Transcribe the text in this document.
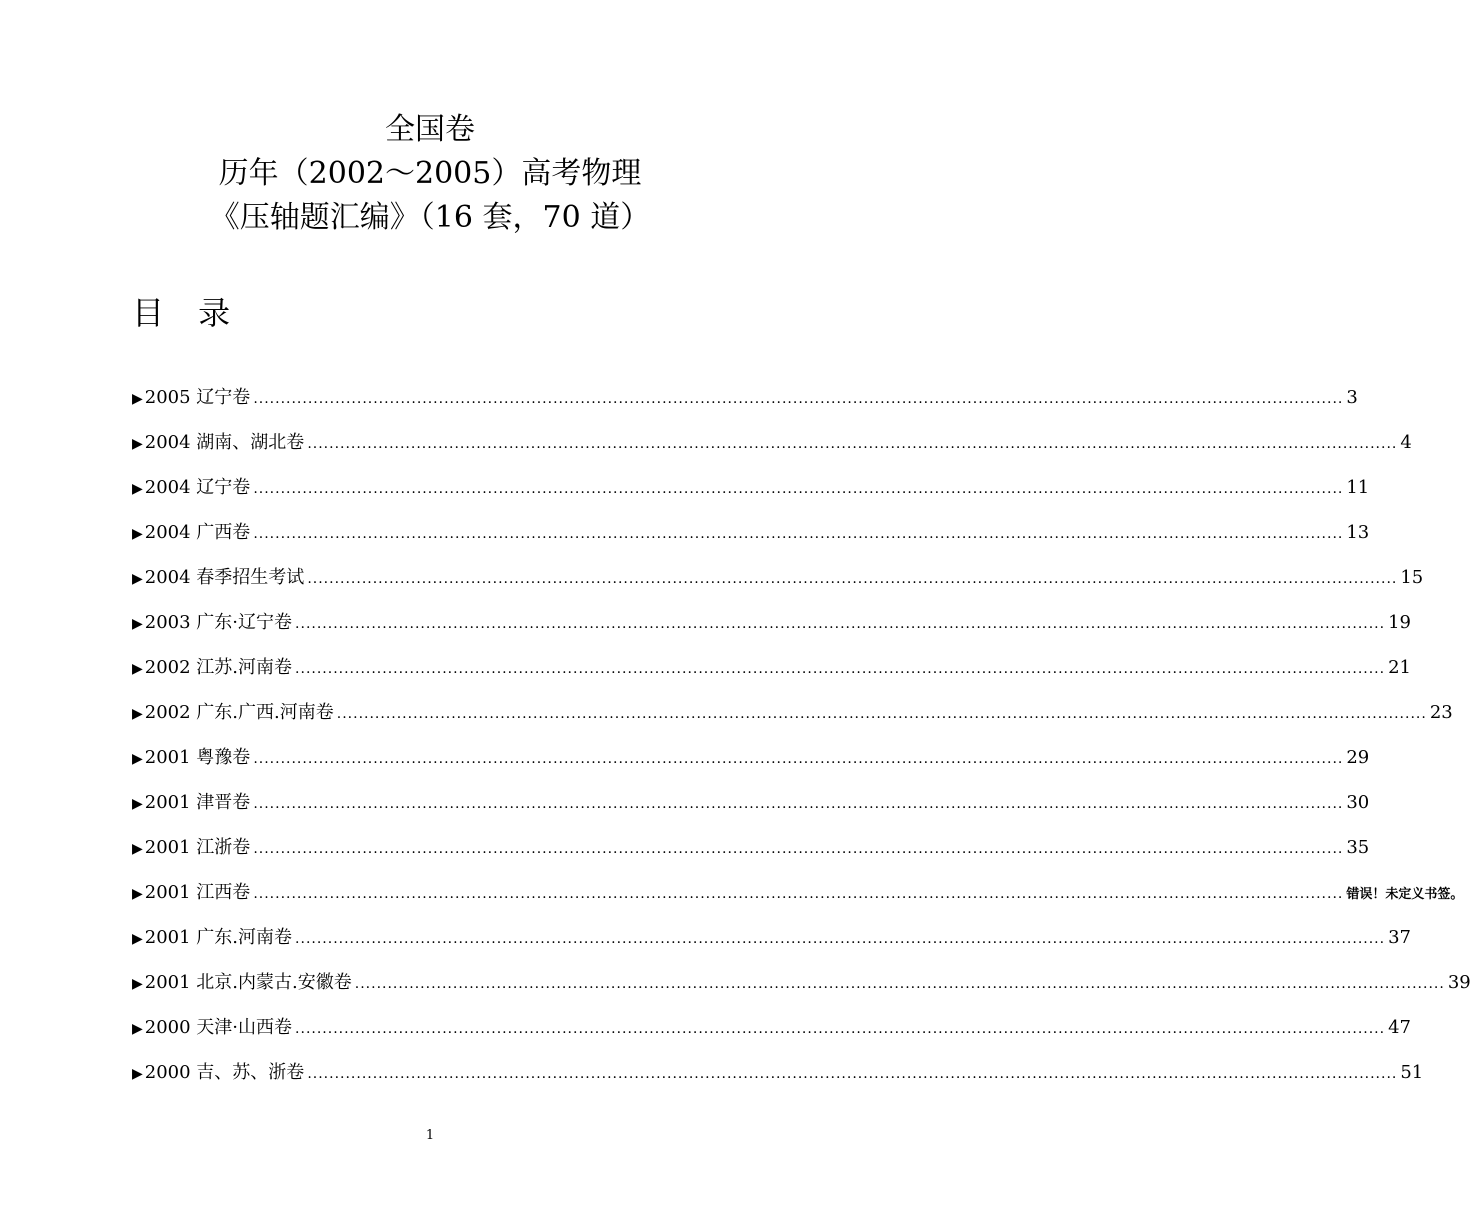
全国卷
历年（2002～2005）高考物理
《压轴题汇编》（16 套，70 道）
目 录
▶ 2005 辽宁卷 ........................................................................................................................................................................................................ 3
▶ 2004 湖南、湖北卷 ........................................................................................................................................................................................................ 4
▶ 2004 辽宁卷 ........................................................................................................................................................................................................ 11
▶ 2004 广西卷 ........................................................................................................................................................................................................ 13
▶ 2004 春季招生考试 ........................................................................................................................................................................................................ 15
▶ 2003 广东·辽宁卷 ........................................................................................................................................................................................................ 19
▶ 2002 江苏.河南卷 ........................................................................................................................................................................................................ 21
▶ 2002 广东.广西.河南卷 ........................................................................................................................................................................................................ 23
▶ 2001 粤豫卷 ........................................................................................................................................................................................................ 29
▶ 2001 津晋卷 ........................................................................................................................................................................................................ 30
▶ 2001 江浙卷 ........................................................................................................................................................................................................ 35
▶ 2001 江西卷 ........................................................................................................................................................................................................ 错误！未定义书签。
▶ 2001 广东.河南卷 ........................................................................................................................................................................................................ 37
▶ 2001 北京.内蒙古.安徽卷 ........................................................................................................................................................................................................ 39
▶ 2000 天津·山西卷 ........................................................................................................................................................................................................ 47
▶ 2000 吉、苏、浙卷 ........................................................................................................................................................................................................ 51
1
